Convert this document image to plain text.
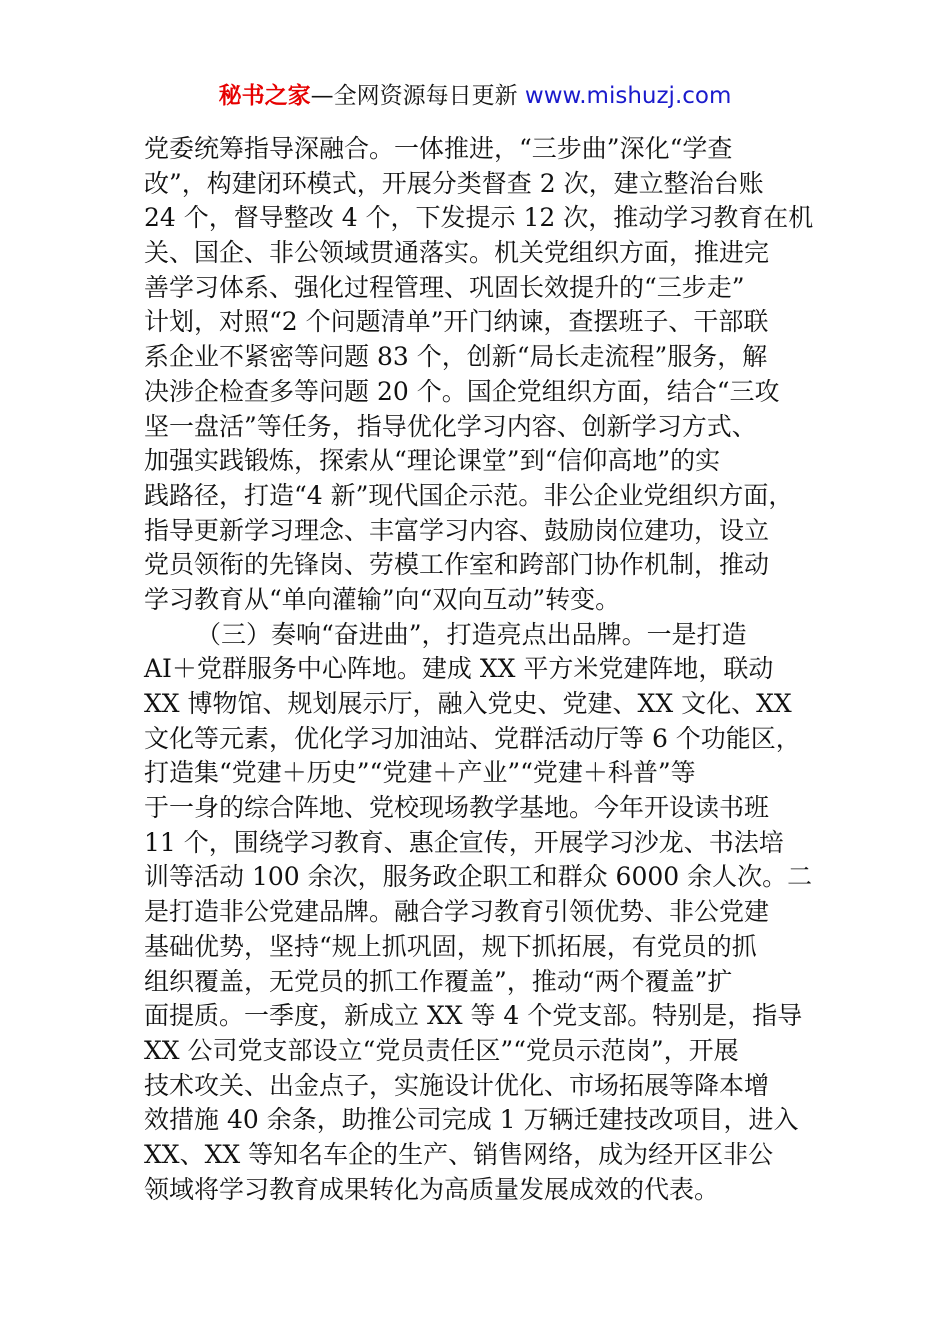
秘书之家—全网资源每日更新 www.mishuzj.com
党委统筹指导深融合。一体推进，“三步曲”深化“学查
改”，构建闭环模式，开展分类督查 2 次，建立整治台账
24 个，督导整改 4 个，下发提示 12 次，推动学习教育在机
关、国企、非公领域贯通落实。机关党组织方面，推进完
善学习体系、强化过程管理、巩固长效提升的“三步走”
计划，对照“2 个问题清单”开门纳谏，查摆班子、干部联
系企业不紧密等问题 83 个，创新“局长走流程”服务，解
决涉企检查多等问题 20 个。国企党组织方面，结合“三攻
坚一盘活”等任务，指导优化学习内容、创新学习方式、
加强实践锻炼，探索从“理论课堂”到“信仰高地”的实
践路径，打造“4 新”现代国企示范。非公企业党组织方面，
指导更新学习理念、丰富学习内容、鼓励岗位建功，设立
党员领衔的先锋岗、劳模工作室和跨部门协作机制，推动
学习教育从“单向灌输”向“双向互动”转变。
（三）奏响“奋进曲”，打造亮点出品牌。一是打造
AI＋党群服务中心阵地。建成 XX 平方米党建阵地，联动
XX 博物馆、规划展示厅，融入党史、党建、XX 文化、XX
文化等元素，优化学习加油站、党群活动厅等 6 个功能区，
打造集“党建＋历史”“党建＋产业”“党建＋科普”等
于一身的综合阵地、党校现场教学基地。今年开设读书班
11 个，围绕学习教育、惠企宣传，开展学习沙龙、书法培
训等活动 100 余次，服务政企职工和群众 6000 余人次。二
是打造非公党建品牌。融合学习教育引领优势、非公党建
基础优势，坚持“规上抓巩固，规下抓拓展，有党员的抓
组织覆盖，无党员的抓工作覆盖”，推动“两个覆盖”扩
面提质。一季度，新成立 XX 等 4 个党支部。特别是，指导
XX 公司党支部设立“党员责任区”“党员示范岗”，开展
技术攻关、出金点子，实施设计优化、市场拓展等降本增
效措施 40 余条，助推公司完成 1 万辆迁建技改项目，进入
XX、XX 等知名车企的生产、销售网络，成为经开区非公
领域将学习教育成果转化为高质量发展成效的代表。
